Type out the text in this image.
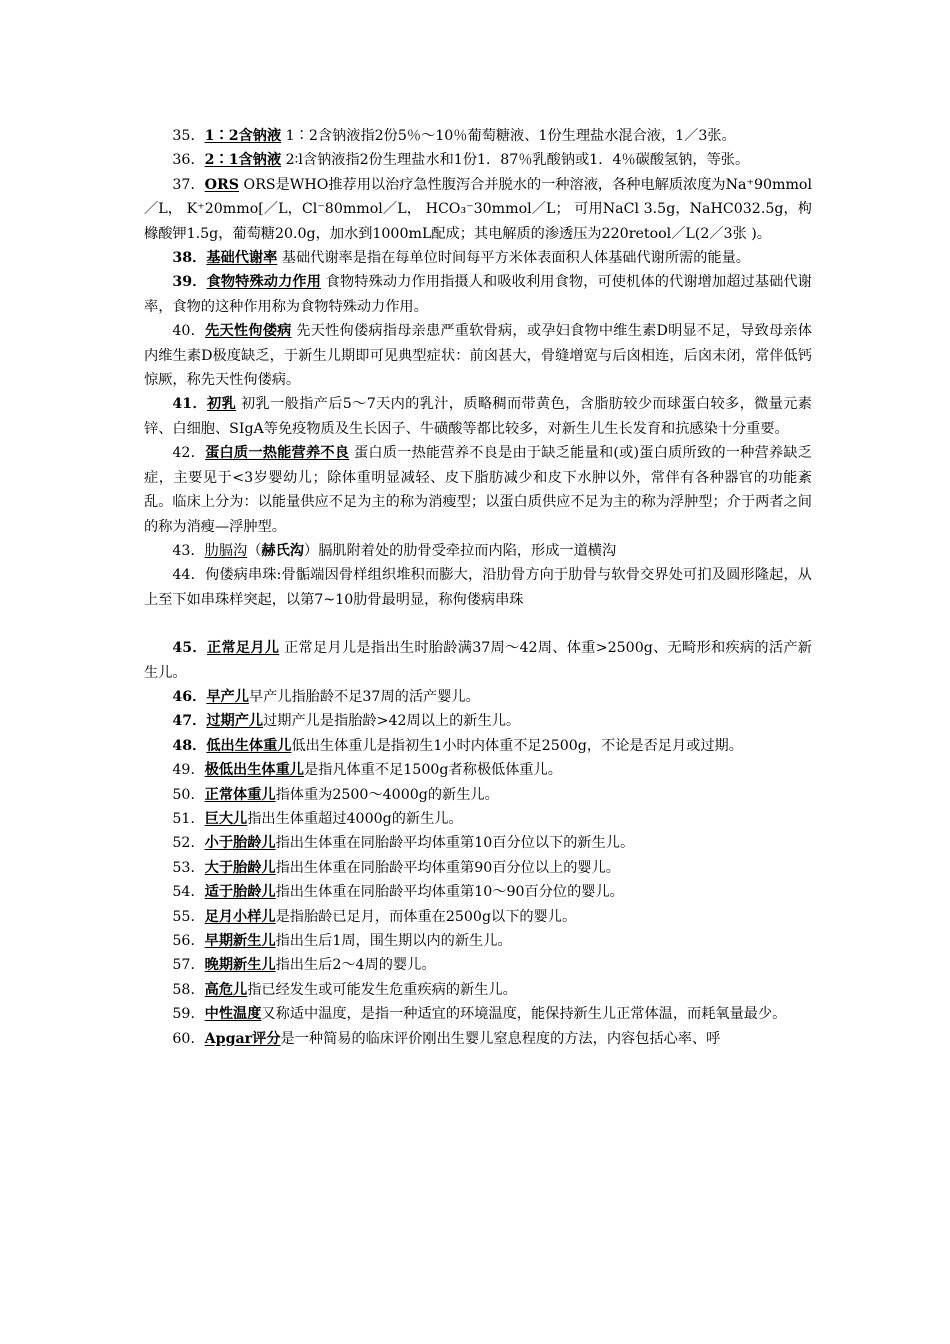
35．1∶2含钠液 1∶2含钠液指2份5％～10％葡萄糖液、1份生理盐水混合液，1／3张。

36．2∶1含钠液 2∶l含钠液指2份生理盐水和1份1．87％乳酸钠或1．4％碳酸氢钠，等张。

37．ORS ORS是WHO推荐用以治疗急性腹泻合并脱水的一种溶液，各种电解质浓度为Na⁺90mmol／L， K⁺20mmo[／L，Cl⁻80mmol／L， HCO₃⁻30mmol／L； 可用NaCl 3.5g，NaHC032.5g，枸橼酸钾1.5g，葡萄糖20.0g，加水到1000mL配成；其电解质的渗透压为220retool／L(2／3张 )。

38．基础代谢率 基础代谢率是指在每单位时间每平方米体表面积人体基础代谢所需的能量。

39．食物特殊动力作用 食物特殊动力作用指摄人和吸收利用食物，可使机体的代谢增加超过基础代谢率，食物的这种作用称为食物特殊动力作用。

40．先天性佝偻病 先天性佝偻病指母亲患严重软骨病，或孕妇食物中维生素D明显不足，导致母亲体内维生素D极度缺乏，于新生儿期即可见典型症状：前囟甚大，骨缝增宽与后囟相连，后囟未闭，常伴低钙惊厥，称先天性佝偻病。

41．初乳 初乳一般指产后5～7天内的乳汁，质略稠而带黄色，含脂肪较少而球蛋白较多，微量元素锌、白细胞、SIgA等免疫物质及生长因子、牛磺酸等都比较多，对新生儿生长发育和抗感染十分重要。

42．蛋白质一热能营养不良 蛋白质一热能营养不良是由于缺乏能量和(或)蛋白质所致的一种营养缺乏症，主要见于<3岁婴幼儿；除体重明显减轻、皮下脂肪减少和皮下水肿以外，常伴有各种器官的功能紊乱。临床上分为：以能量供应不足为主的称为消瘦型；以蛋白质供应不足为主的称为浮肿型；介于两者之间的称为消瘦—浮肿型。

43．肋膈沟（赫氏沟）膈肌附着处的肋骨受牵拉而内陷，形成一道横沟

44．佝偻病串珠:骨骺端因骨样组织堆积而膨大，沿肋骨方向于肋骨与软骨交界处可扪及圆形隆起，从上至下如串珠样突起，以第7~10肋骨最明显，称佝偻病串珠

45．正常足月儿 正常足月儿是指出生时胎龄满37周～42周、体重>2500g、无畸形和疾病的活产新生儿。

46．早产儿早产儿指胎龄不足37周的活产婴儿。

47．过期产儿过期产儿是指胎龄>42周以上的新生儿。

48．低出生体重儿低出生体重儿是指初生1小时内体重不足2500g，不论是否足月或过期。

49．极低出生体重儿是指凡体重不足1500g者称极低体重儿。

50．正常体重儿指体重为2500～4000g的新生儿。

51．巨大儿指出生体重超过4000g的新生儿。

52．小于胎龄儿指出生体重在同胎龄平均体重第10百分位以下的新生儿。

53．大于胎龄儿指出生体重在同胎龄平均体重第90百分位以上的婴儿。

54．适于胎龄儿指出生体重在同胎龄平均体重第10～90百分位的婴儿。

55．足月小样儿是指胎龄已足月，而体重在2500g以下的婴儿。

56．早期新生儿指出生后1周，围生期以内的新生儿。

57．晚期新生儿指出生后2～4周的婴儿。

58．高危儿指已经发生或可能发生危重疾病的新生儿。

59．中性温度又称适中温度，是指一种适宜的环境温度，能保持新生儿正常体温，而耗氧量最少。

60．Apgar评分是一种简易的临床评价刚出生婴儿窒息程度的方法，内容包括心率、呼
